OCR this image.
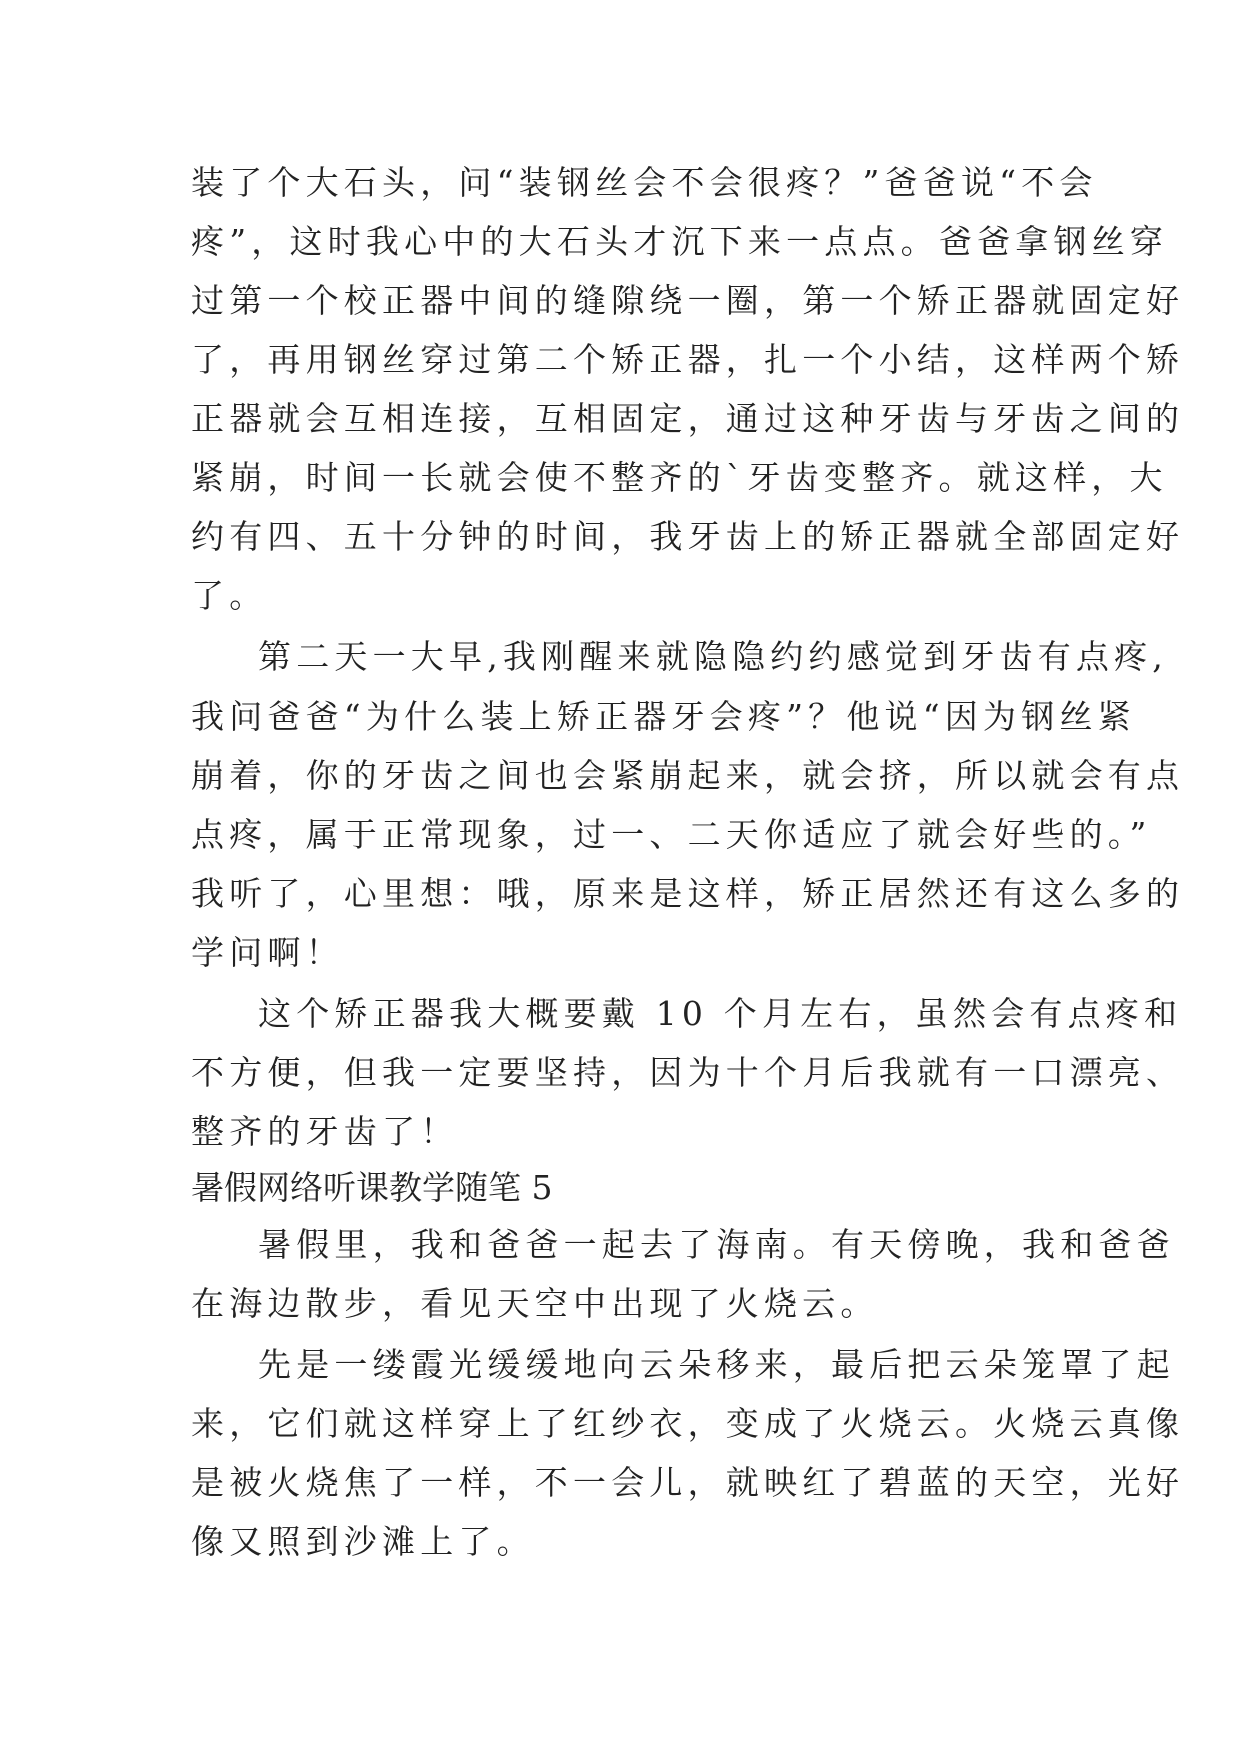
装了个大石头，问“装钢丝会不会很疼？”爸爸说“不会
疼”，这时我心中的大石头才沉下来一点点。爸爸拿钢丝穿
过第一个校正器中间的缝隙绕一圈，第一个矫正器就固定好
了，再用钢丝穿过第二个矫正器，扎一个小结，这样两个矫
正器就会互相连接，互相固定，通过这种牙齿与牙齿之间的
紧崩，时间一长就会使不整齐的`牙齿变整齐。就这样，大
约有四、五十分钟的时间，我牙齿上的矫正器就全部固定好
了。
第二天一大早,我刚醒来就隐隐约约感觉到牙齿有点疼,
我问爸爸“为什么装上矫正器牙会疼”？他说“因为钢丝紧
崩着，你的牙齿之间也会紧崩起来，就会挤，所以就会有点
点疼，属于正常现象，过一、二天你适应了就会好些的。”
我听了，心里想：哦，原来是这样，矫正居然还有这么多的
学问啊！
这个矫正器我大概要戴 10 个月左右，虽然会有点疼和
不方便，但我一定要坚持，因为十个月后我就有一口漂亮、
整齐的牙齿了！
暑假网络听课教学随笔 5
暑假里，我和爸爸一起去了海南。有天傍晚，我和爸爸
在海边散步，看见天空中出现了火烧云。
先是一缕霞光缓缓地向云朵移来，最后把云朵笼罩了起
来，它们就这样穿上了红纱衣，变成了火烧云。火烧云真像
是被火烧焦了一样，不一会儿，就映红了碧蓝的天空，光好
像又照到沙滩上了。
